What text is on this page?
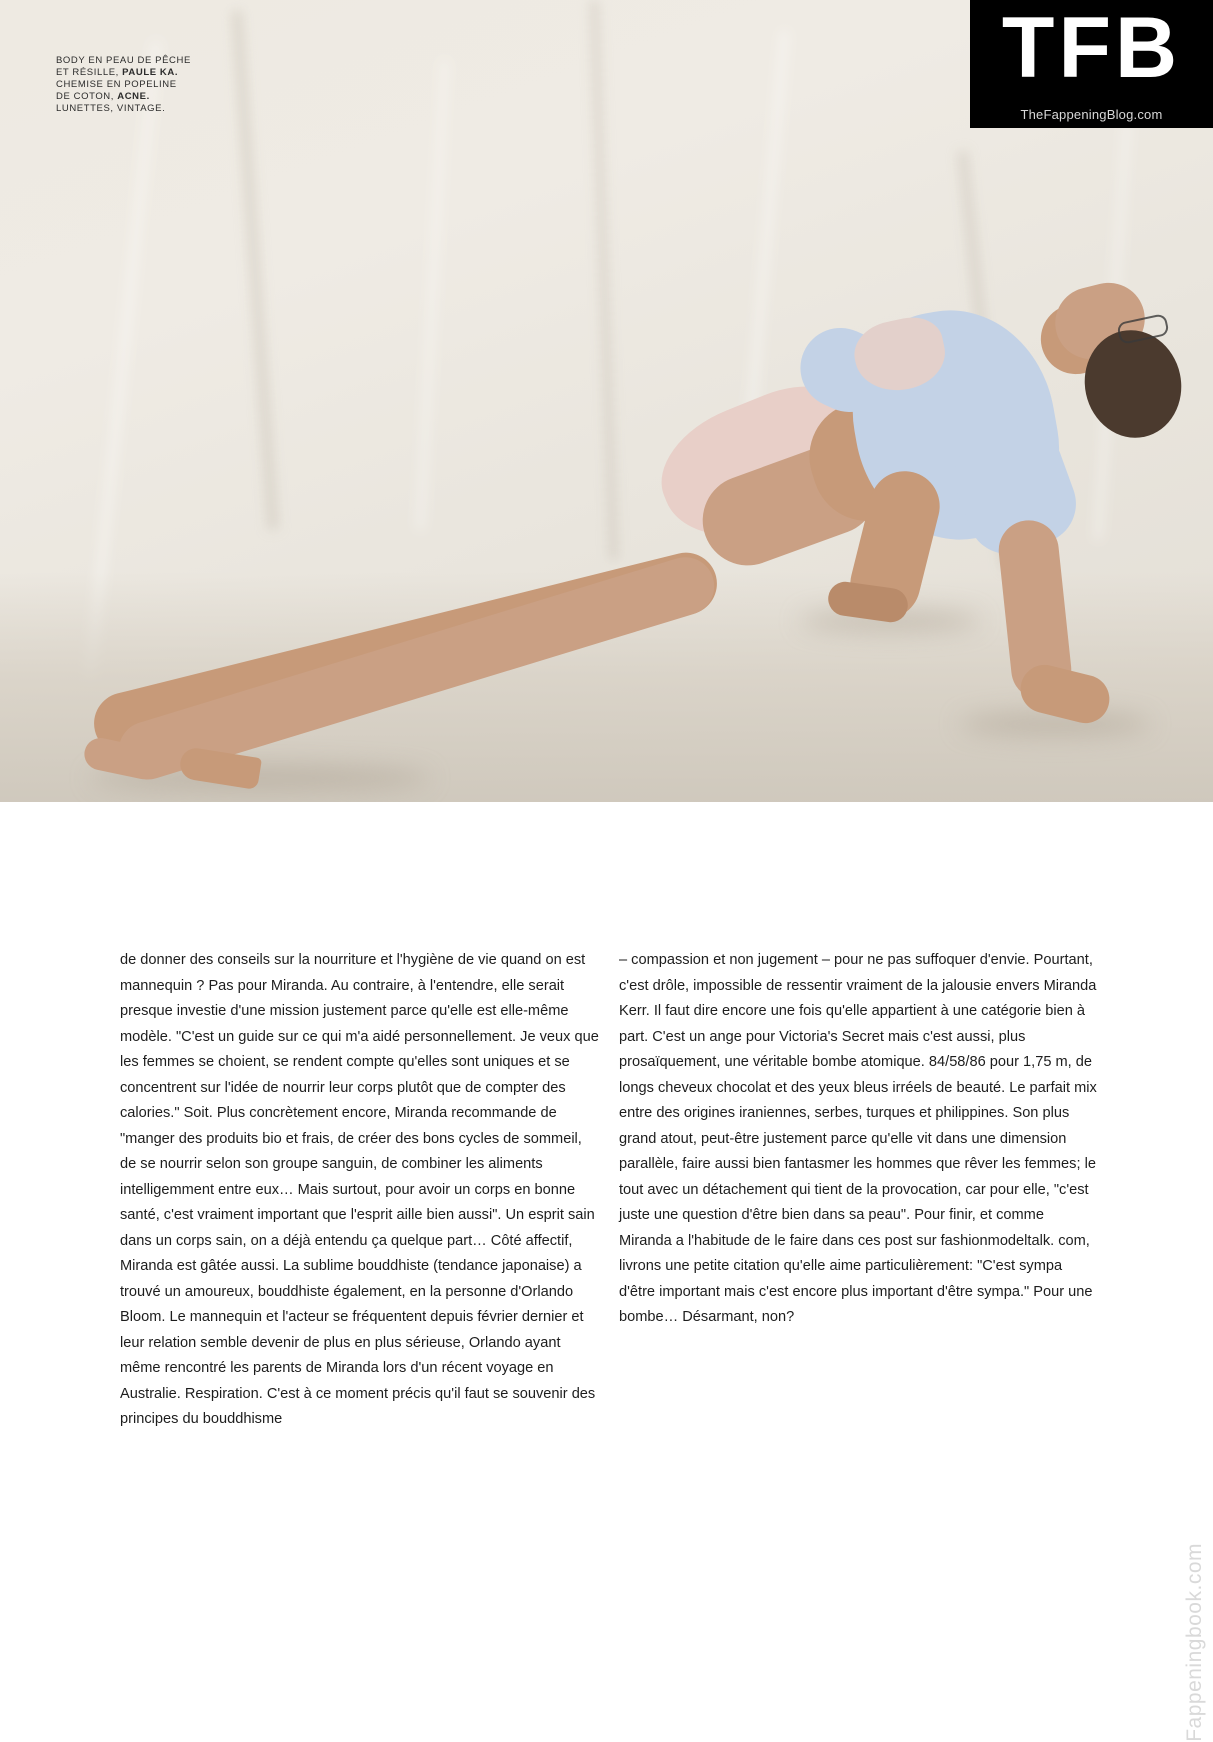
BODY EN PEAU DE PÊCHE
ET RÉSILLE, PAULE KA.
CHEMISE EN POPELINE
DE COTON, ACNE.
LUNETTES, VINTAGE.
TFB
TheFappeningBlog.com

de donner des conseils sur la nourriture et l'hygiène de vie quand on est mannequin ? Pas pour Miranda. Au contraire, à l'entendre, elle serait presque investie d'une mission justement parce qu'elle est elle-même modèle. "C'est un guide sur ce qui m'a aidé personnellement. Je veux que les femmes se choient, se rendent compte qu'elles sont uniques et se concentrent sur l'idée de nourrir leur corps plutôt que de compter des calories." Soit. Plus concrètement encore, Miranda recommande de "manger des produits bio et frais, de créer des bons cycles de sommeil, de se nourrir selon son groupe sanguin, de combiner les aliments intelligemment entre eux… Mais surtout, pour avoir un corps en bonne santé, c'est vraiment important que l'esprit aille bien aussi". Un esprit sain dans un corps sain, on a déjà entendu ça quelque part… Côté affectif, Miranda est gâtée aussi. La sublime bouddhiste (tendance japonaise) a trouvé un amoureux, bouddhiste également, en la personne d'Orlando Bloom. Le mannequin et l'acteur se fréquentent depuis février dernier et leur relation semble devenir de plus en plus sérieuse, Orlando ayant même rencontré les parents de Miranda lors d'un récent voyage en Australie. Respiration. C'est à ce moment précis qu'il faut se souvenir des principes du bouddhisme

– compassion et non jugement – pour ne pas suffoquer d'envie. Pourtant, c'est drôle, impossible de ressentir vraiment de la jalousie envers Miranda Kerr. Il faut dire encore une fois qu'elle appartient à une catégorie bien à part. C'est un ange pour Victoria's Secret mais c'est aussi, plus prosaïquement, une véritable bombe atomique. 84/58/86 pour 1,75 m, de longs cheveux chocolat et des yeux bleus irréels de beauté. Le parfait mix entre des origines iraniennes, serbes, turques et philippines. Son plus grand atout, peut-être justement parce qu'elle vit dans une dimension parallèle, faire aussi bien fantasmer les hommes que rêver les femmes; le tout avec un détachement qui tient de la provocation, car pour elle, "c'est juste une question d'être bien dans sa peau". Pour finir, et comme Miranda a l'habitude de le faire dans ces post sur fashionmodeltalk. com, livrons une petite citation qu'elle aime particulièrement: "C'est sympa d'être important mais c'est encore plus important d'être sympa." Pour une bombe… Désarmant, non?

Fappeningbook.com
